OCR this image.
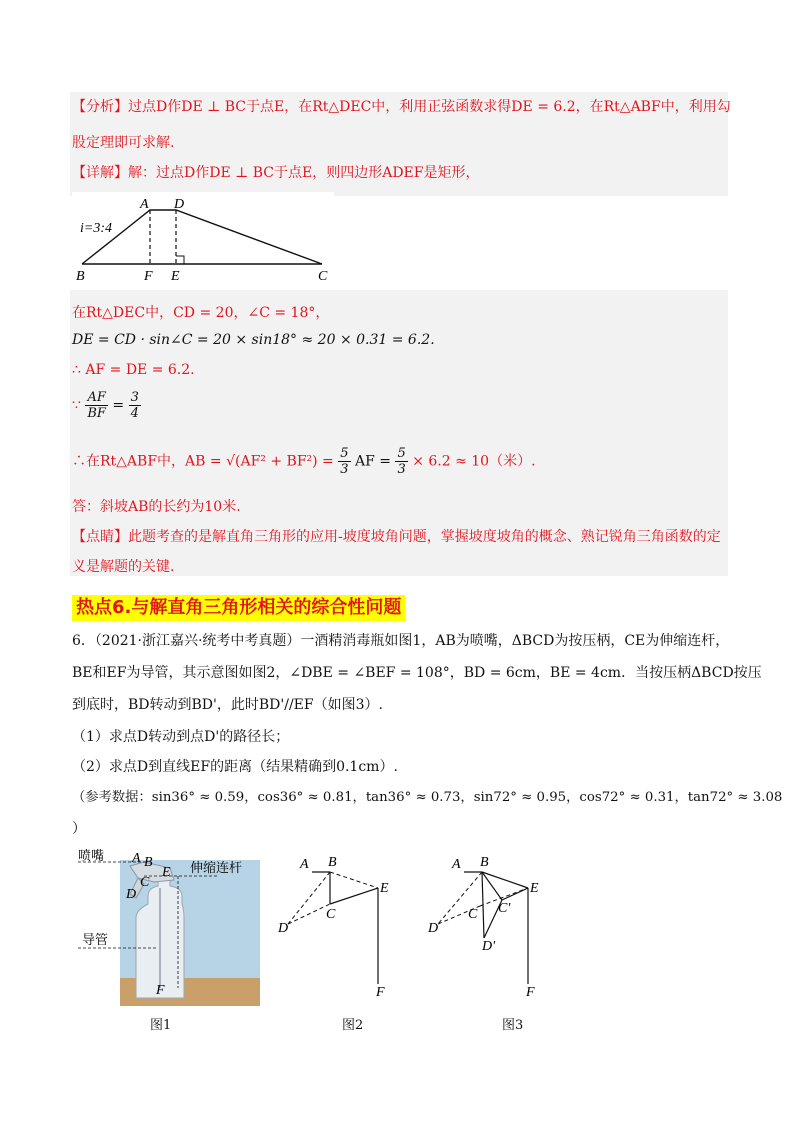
【分析】过点D作DE ⊥ BC于点E，在Rt△DEC中，利用正弦函数求得DE = 6.2，在Rt△ABF中，利用勾
股定理即可求解.
【详解】解：过点D作DE ⊥ BC于点E，则四边形ADEF是矩形，
i=3:4
A D
B	F E	C
在Rt△DEC中，CD = 20，∠C = 18°，
DE = CD · sin∠C = 20 × sin18° ≈ 20 × 0.31 = 6.2.
∴ AF = DE = 6.2.
∵ $\frac{AF}{BF} = \frac{3}{4}$
∴在Rt△ABF中，AB = $√(AF^2 + BF^2) = \frac{5}{3}$ AF = $\frac{5}{3} \times 6.2 \approx 10$（米）.
答：斜坡AB的长约为10米.
【点睛】此题考查的是解直角三角形的应用-坡度坡角问题，掌握坡度坡角的概念、熟记锐角三角函数的定
义是解题的关键.
热点6.与解直角三角形相关的综合性问题
6．（2021·浙江嘉兴·统考中考真题）一酒精消毒瓶如图1，AB为喷嘴，ΔBCD为按压柄，CE为伸缩连杆，
BE和EF为导管，其示意图如图2，∠DBE = ∠BEF = 108°，BD = 6cm，BE = 4cm．当按压柄ΔBCD按压
到底时，BD转动到BD'，此时BD'//EF（如图3）.
（1）求点D转动到点D'的路径长；
（2）求点D到直线EF的距离（结果精确到0.1cm）.
（参考数据：sin36° ≈ 0.59，cos36° ≈ 0.81，tan36° ≈ 0.73，sin72° ≈ 0.95，cos72° ≈ 0.31，tan72° ≈ 3.08
）
喷嘴
伸缩连杆
导管
A B
E
C
D
F
图1
A B
E
C
D
F
图2
A B
E
C C'
D
D'
F
图3
